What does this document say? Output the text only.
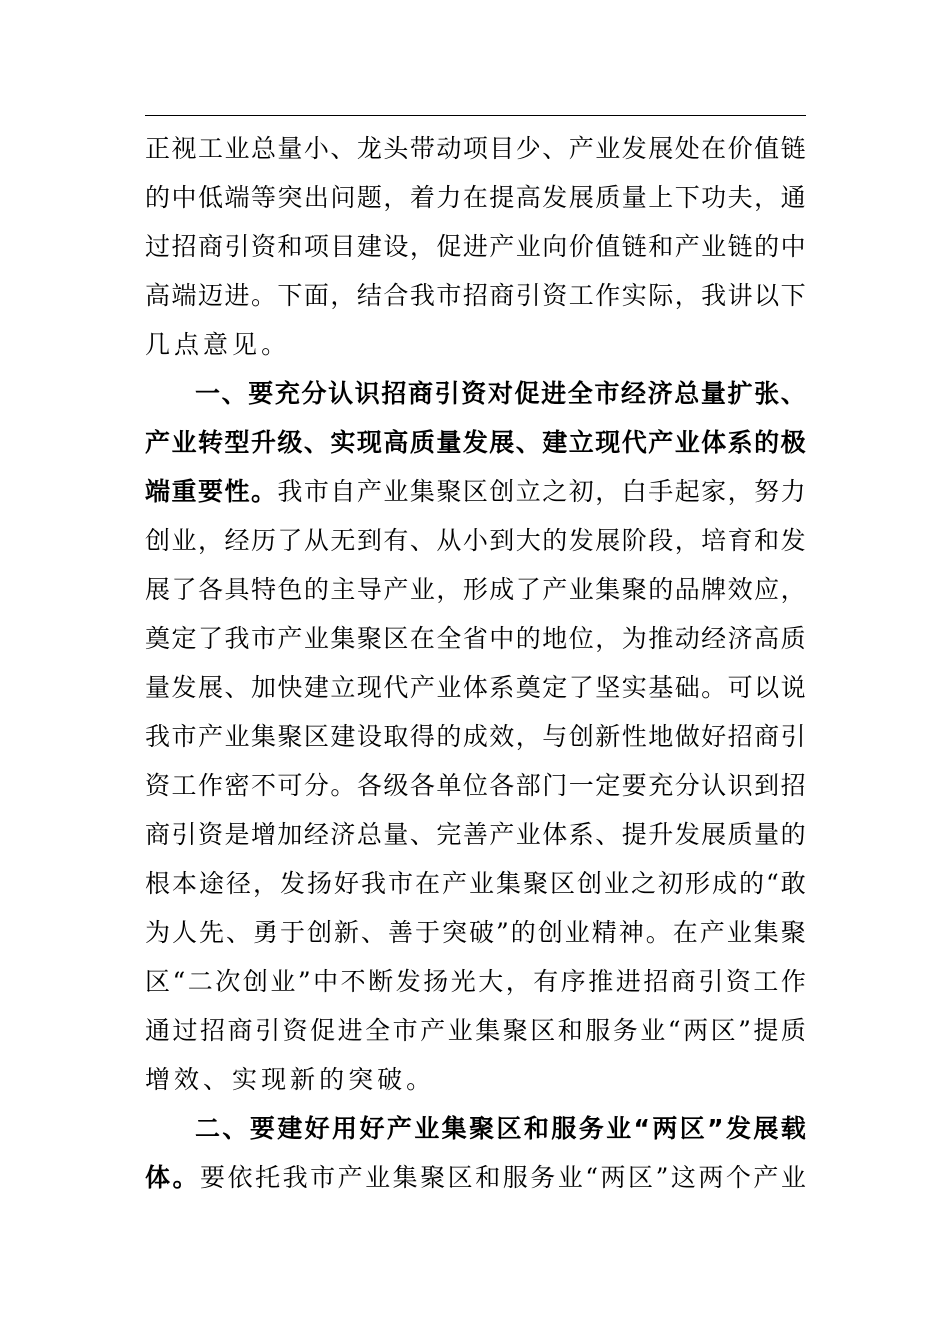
正 视 工 业 总 量 小 、 龙 头 带 动 项 目 少 、 产 业 发 展 处 在 价 值 链
的 中 低 端 等 突 出 问 题 ， 着 力 在 提 高 发 展 质 量 上 下 功 夫 ， 通
过 招 商 引 资 和 项 目 建 设 ， 促 进 产 业 向 价 值 链 和 产 业 链 的 中
高 端 迈 进 。 下 面 ， 结 合 我 市 招 商 引 资 工 作 实 际 ， 我 讲 以 下
几 点 意 见 。
一 、 要 充 分 认 识 招 商 引 资 对 促 进 全 市 经 济 总 量 扩 张 、
产 业 转 型 升 级 、 实 现 高 质 量 发 展 、 建 立 现 代 产 业 体 系 的 极
端 重 要 性 。 我 市 自 产 业 集 聚 区 创 立 之 初 ， 白 手 起 家 ， 努 力
创 业 ， 经 历 了 从 无 到 有 、 从 小 到 大 的 发 展 阶 段 ， 培 育 和 发
展 了 各 具 特 色 的 主 导 产 业 ， 形 成 了 产 业 集 聚 的 品 牌 效 应 ，
奠 定 了 我 市 产 业 集 聚 区 在 全 省 中 的 地 位 ， 为 推 动 经 济 高 质
量 发 展 、 加 快 建 立 现 代 产 业 体 系 奠 定 了 坚 实 基 础 。 可 以 说
我 市 产 业 集 聚 区 建 设 取 得 的 成 效 ， 与 创 新 性 地 做 好 招 商 引
资 工 作 密 不 可 分 。 各 级 各 单 位 各 部 门 一 定 要 充 分 认 识 到 招
商 引 资 是 增 加 经 济 总 量 、 完 善 产 业 体 系 、 提 升 发 展 质 量 的
根 本 途 径 ， 发 扬 好 我 市 在 产 业 集 聚 区 创 业 之 初 形 成 的 “ 敢
为 人 先 、 勇 于 创 新 、 善 于 突 破 ” 的 创 业 精 神 。 在 产 业 集 聚
区 “ 二 次 创 业 ” 中 不 断 发 扬 光 大 ， 有 序 推 进 招 商 引 资 工 作
通 过 招 商 引 资 促 进 全 市 产 业 集 聚 区 和 服 务 业 “ 两 区 ” 提 质
增 效 、 实 现 新 的 突 破 。
二 、 要 建 好 用 好 产 业 集 聚 区 和 服 务 业 “ 两 区 ” 发 展 载
体 。 要 依 托 我 市 产 业 集 聚 区 和 服 务 业 “ 两 区 ” 这 两 个 产 业
